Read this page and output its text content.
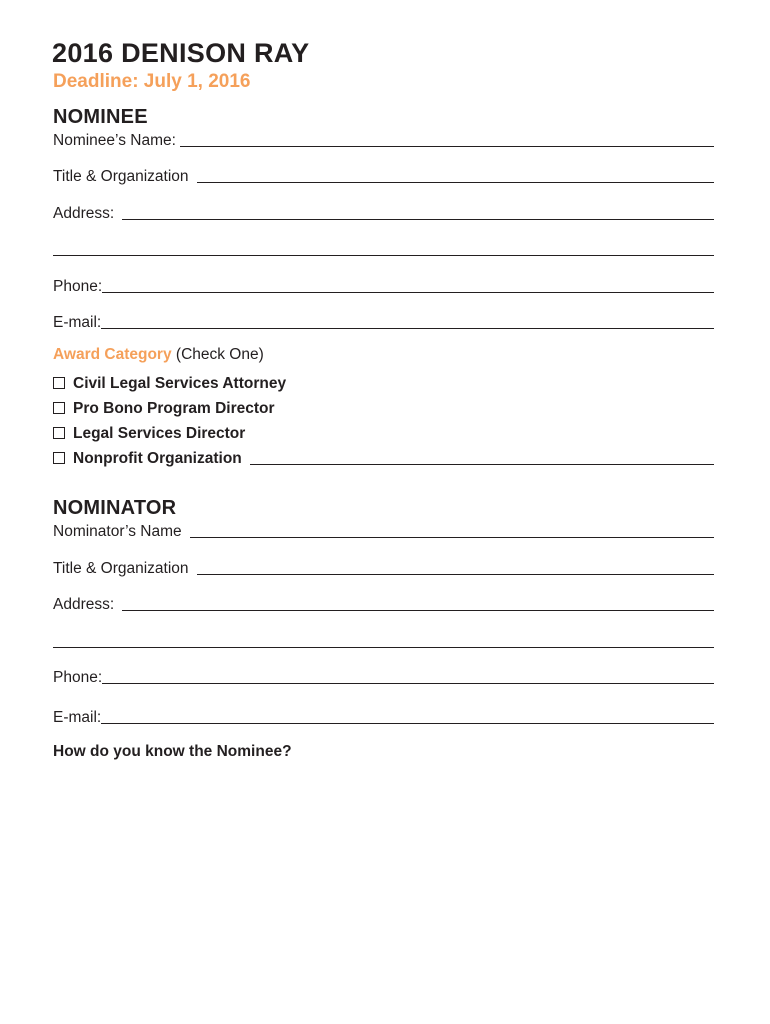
2016 DENISON RAY
Deadline: July 1, 2016
NOMINEE
Nominee’s Name:
Title & Organization
Address:
Phone:
E-mail:
Award Category (Check One)
Civil Legal Services Attorney
Pro Bono Program Director
Legal Services Director
Nonprofit Organization
NOMINATOR
Nominator’s Name
Title & Organization
Address:
Phone:
E-mail:
How do you know the Nominee?
